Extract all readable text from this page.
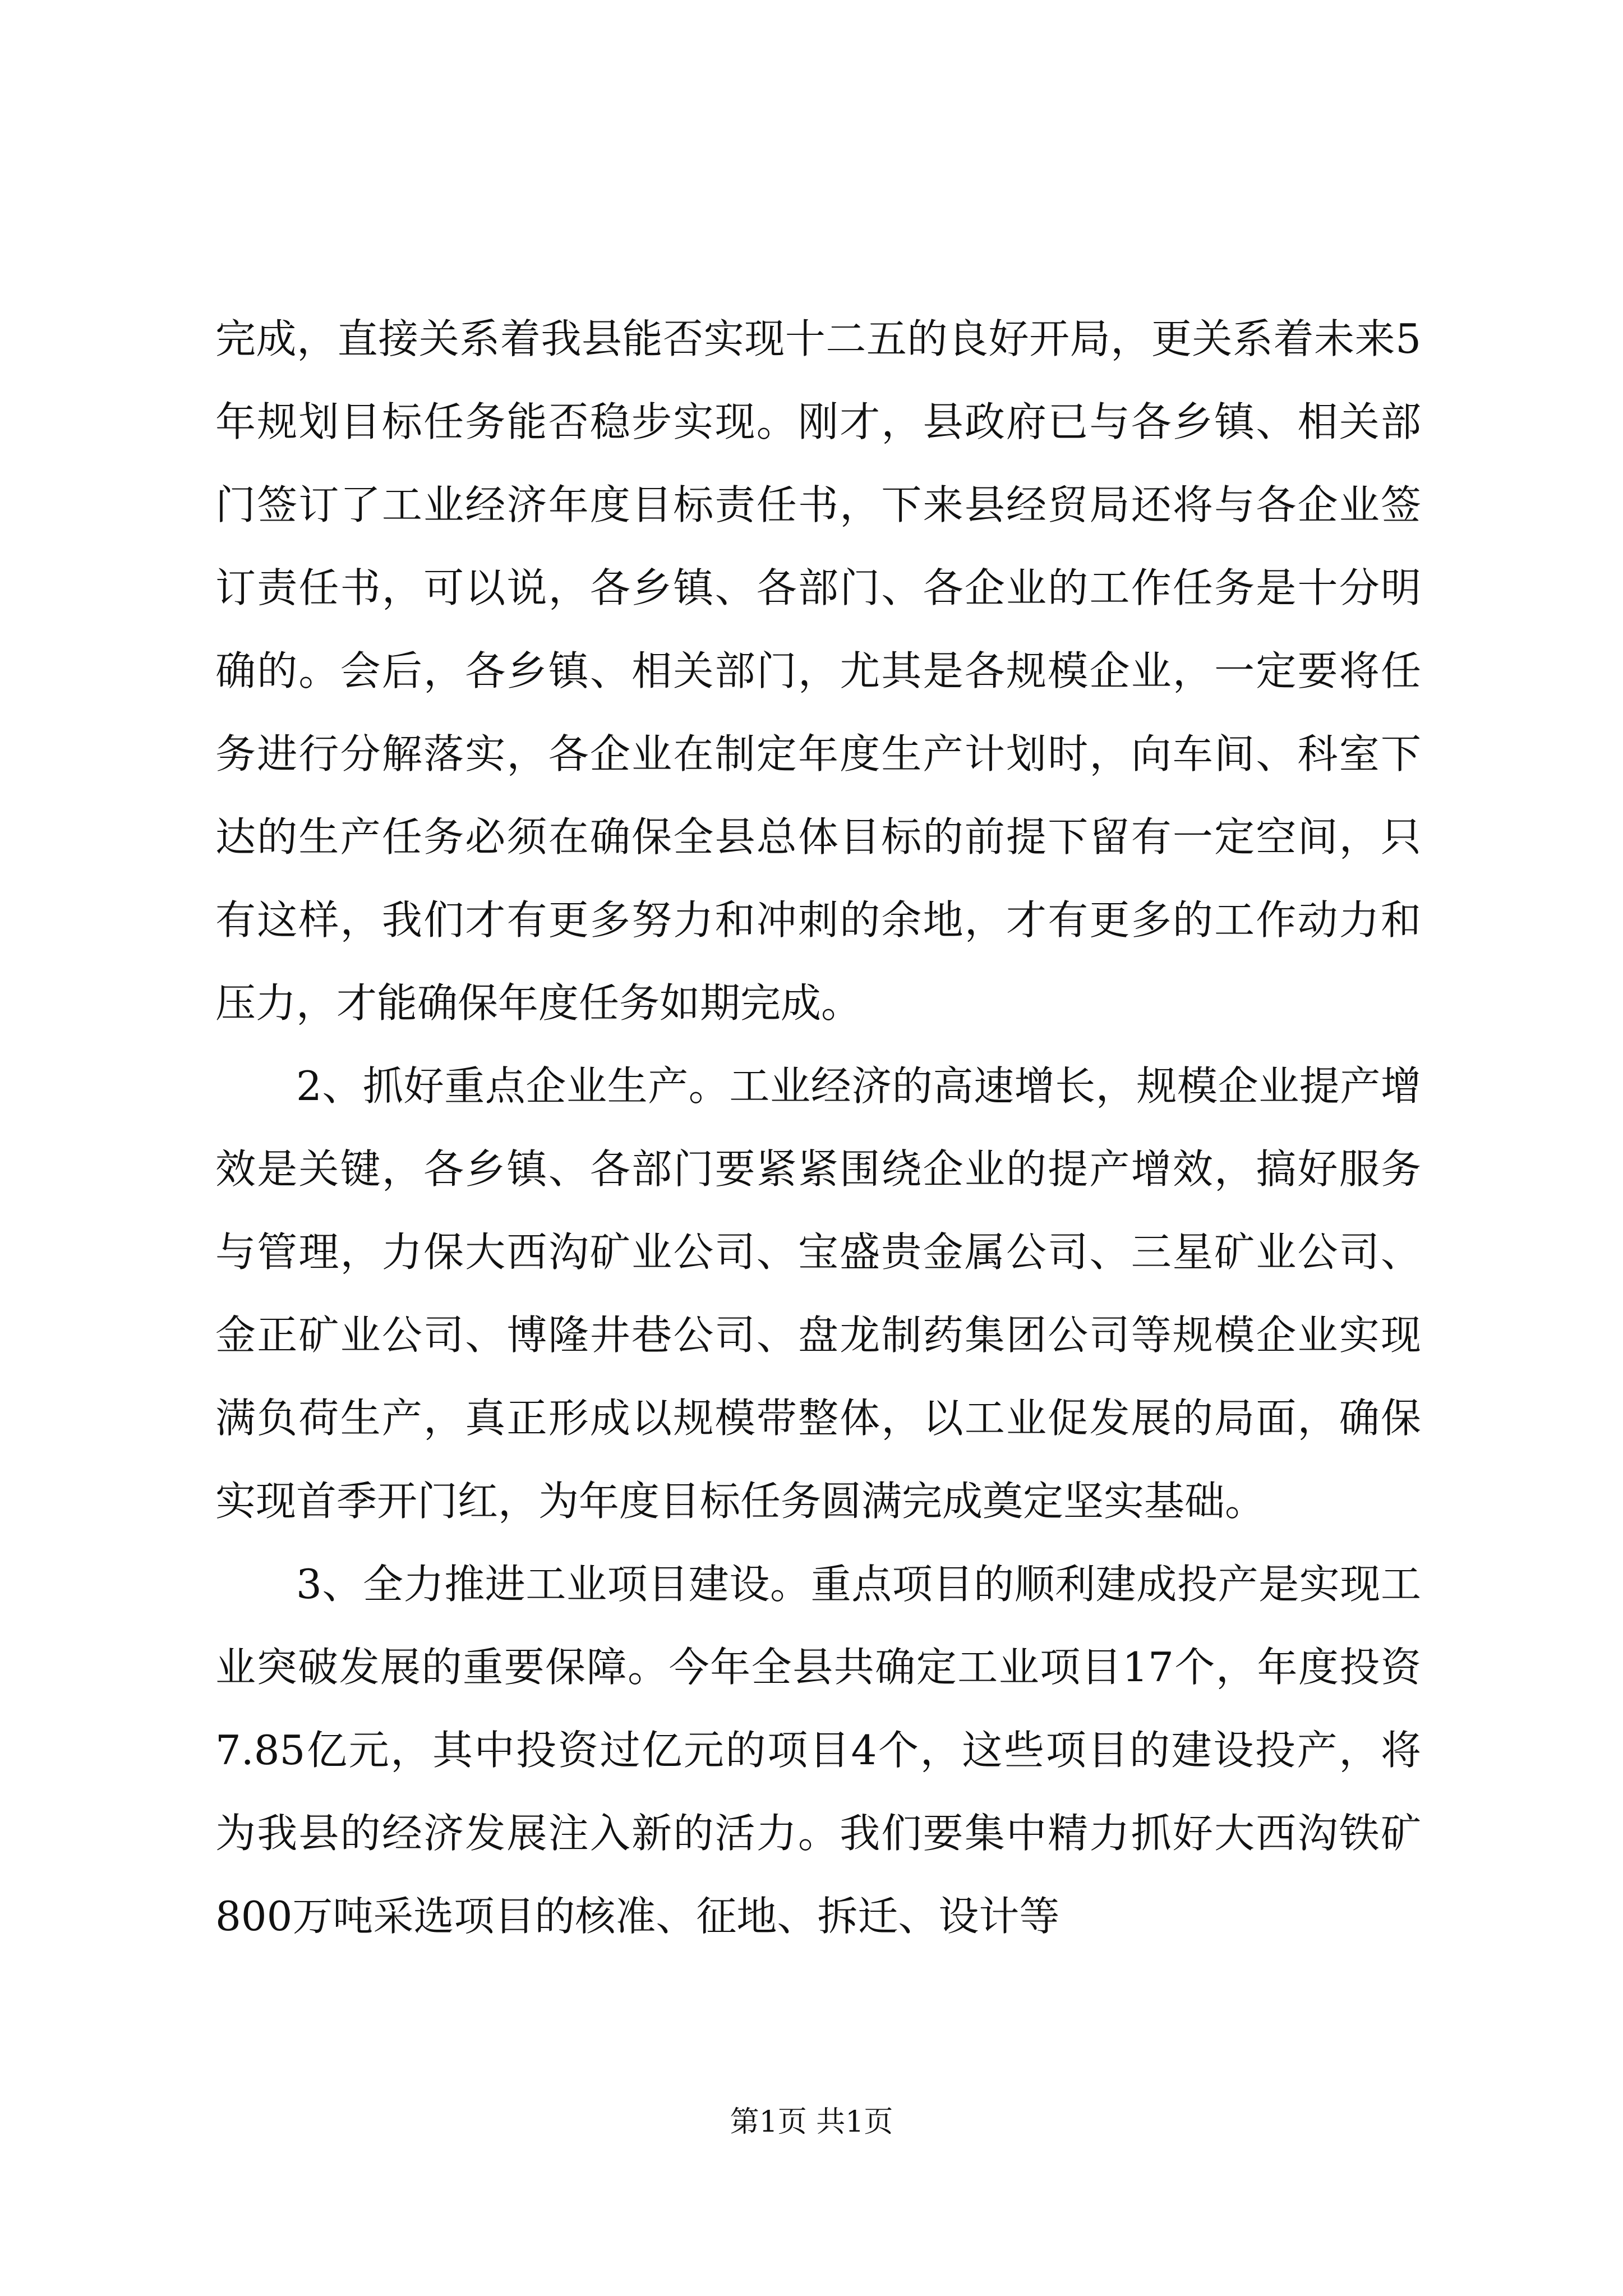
完成，直接关系着我县能否实现十二五的良好开局，更关系着未来5年规划目标任务能否稳步实现。刚才，县政府已与各乡镇、相关部门签订了工业经济年度目标责任书，下来县经贸局还将与各企业签订责任书，可以说，各乡镇、各部门、各企业的工作任务是十分明确的。会后，各乡镇、相关部门，尤其是各规模企业，一定要将任务进行分解落实，各企业在制定年度生产计划时，向车间、科室下达的生产任务必须在确保全县总体目标的前提下留有一定空间，只有这样，我们才有更多努力和冲刺的余地，才有更多的工作动力和压力，才能确保年度任务如期完成。

2、抓好重点企业生产。工业经济的高速增长，规模企业提产增效是关键，各乡镇、各部门要紧紧围绕企业的提产增效，搞好服务与管理，力保大西沟矿业公司、宝盛贵金属公司、三星矿业公司、金正矿业公司、博隆井巷公司、盘龙制药集团公司等规模企业实现满负荷生产，真正形成以规模带整体，以工业促发展的局面，确保实现首季开门红，为年度目标任务圆满完成奠定坚实基础。

3、全力推进工业项目建设。重点项目的顺利建成投产是实现工业突破发展的重要保障。今年全县共确定工业项目17个，年度投资7.85亿元，其中投资过亿元的项目4个，这些项目的建设投产，将为我县的经济发展注入新的活力。我们要集中精力抓好大西沟铁矿800万吨采选项目的核准、征地、拆迁、设计等

第1页 共1页
